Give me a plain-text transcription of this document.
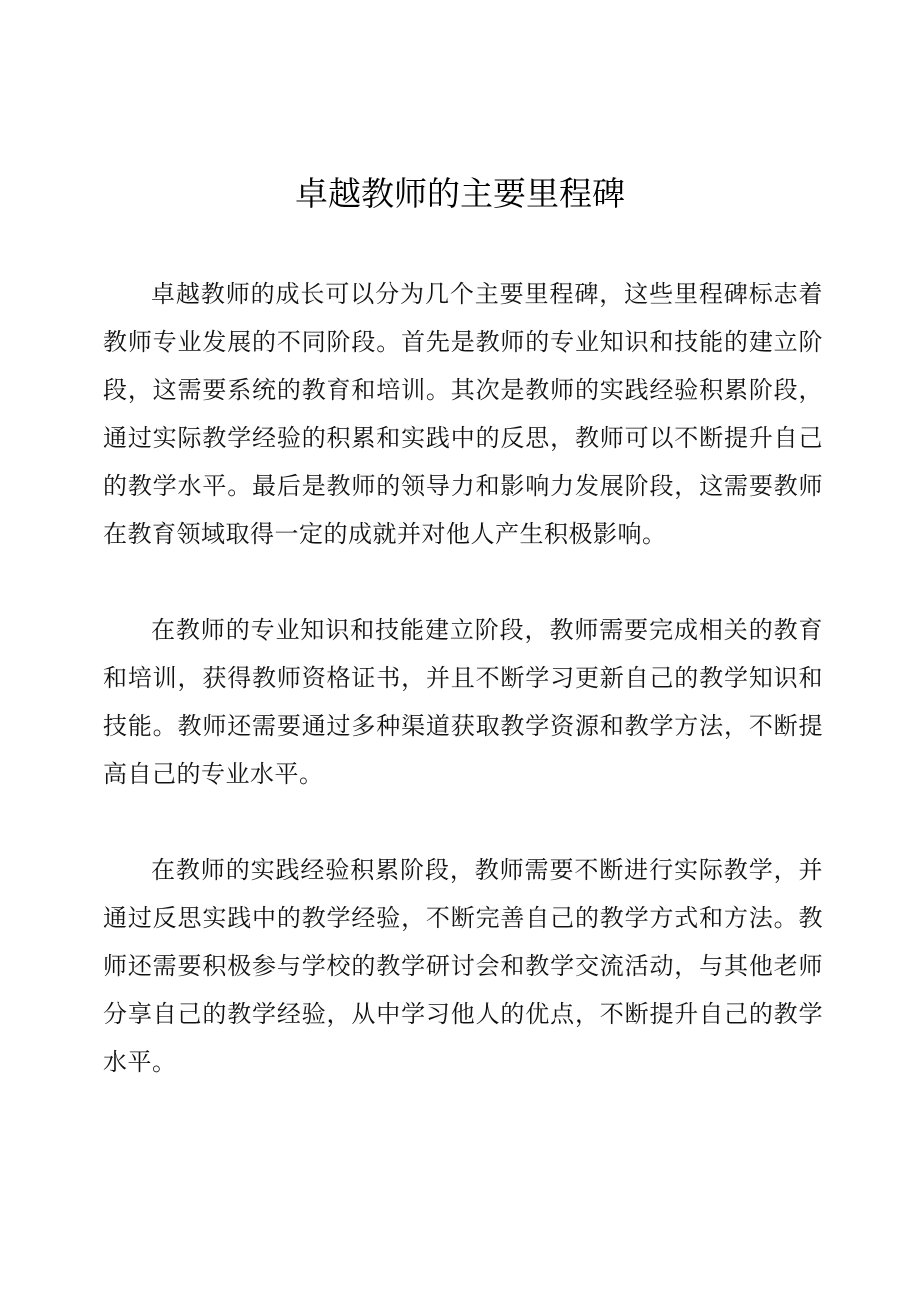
卓越教师的主要里程碑

卓越教师的成长可以分为几个主要里程碑，这些里程碑标志着教师专业发展的不同阶段。首先是教师的专业知识和技能的建立阶段，这需要系统的教育和培训。其次是教师的实践经验积累阶段，通过实际教学经验的积累和实践中的反思，教师可以不断提升自己的教学水平。最后是教师的领导力和影响力发展阶段，这需要教师在教育领域取得一定的成就并对他人产生积极影响。

在教师的专业知识和技能建立阶段，教师需要完成相关的教育和培训，获得教师资格证书，并且不断学习更新自己的教学知识和技能。教师还需要通过多种渠道获取教学资源和教学方法，不断提高自己的专业水平。

在教师的实践经验积累阶段，教师需要不断进行实际教学，并通过反思实践中的教学经验，不断完善自己的教学方式和方法。教师还需要积极参与学校的教学研讨会和教学交流活动，与其他老师分享自己的教学经验，从中学习他人的优点，不断提升自己的教学水平。
